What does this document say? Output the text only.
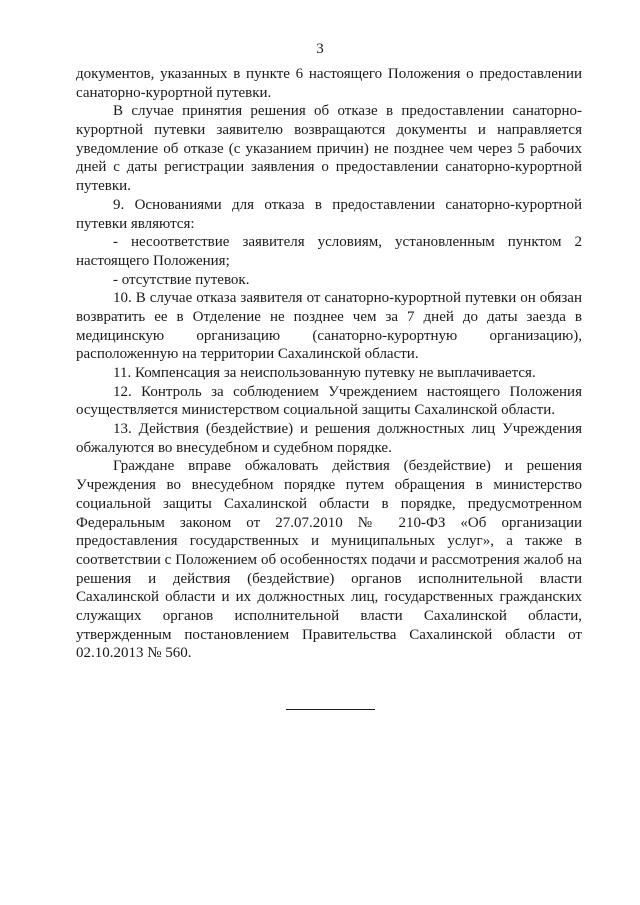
3
документов, указанных в пункте 6 настоящего Положения о предоставлении
санаторно-курортной путевки.
В случае принятия решения об отказе в предоставлении санаторно-
курортной путевки заявителю возвращаются документы и направляется
уведомление об отказе (с указанием причин) не позднее чем через 5 рабочих
дней с даты регистрации заявления о предоставлении санаторно-курортной
путевки.
9. Основаниями для отказа в предоставлении санаторно-курортной
путевки являются:
- несоответствие заявителя условиям, установленным пунктом 2
настоящего Положения;
- отсутствие путевок.
10. В случае отказа заявителя от санаторно-курортной путевки он обязан
возвратить ее в Отделение не позднее чем за 7 дней до даты заезда в
медицинскую организацию (санаторно-курортную организацию),
расположенную на территории Сахалинской области.
11. Компенсация за неиспользованную путевку не выплачивается.
12. Контроль за соблюдением Учреждением настоящего Положения
осуществляется министерством социальной защиты Сахалинской области.
13. Действия (бездействие) и решения должностных лиц Учреждения
обжалуются во внесудебном и судебном порядке.
Граждане вправе обжаловать действия (бездействие) и решения
Учреждения во внесудебном порядке путем обращения в министерство
социальной защиты Сахалинской области в порядке, предусмотренном
Федеральным законом от 27.07.2010 № 210-ФЗ «Об организации
предоставления государственных и муниципальных услуг», а также в
соответствии с Положением об особенностях подачи и рассмотрения жалоб на
решения и действия (бездействие) органов исполнительной власти
Сахалинской области и их должностных лиц, государственных гражданских
служащих органов исполнительной власти Сахалинской области,
утвержденным постановлением Правительства Сахалинской области от
02.10.2013 № 560.
